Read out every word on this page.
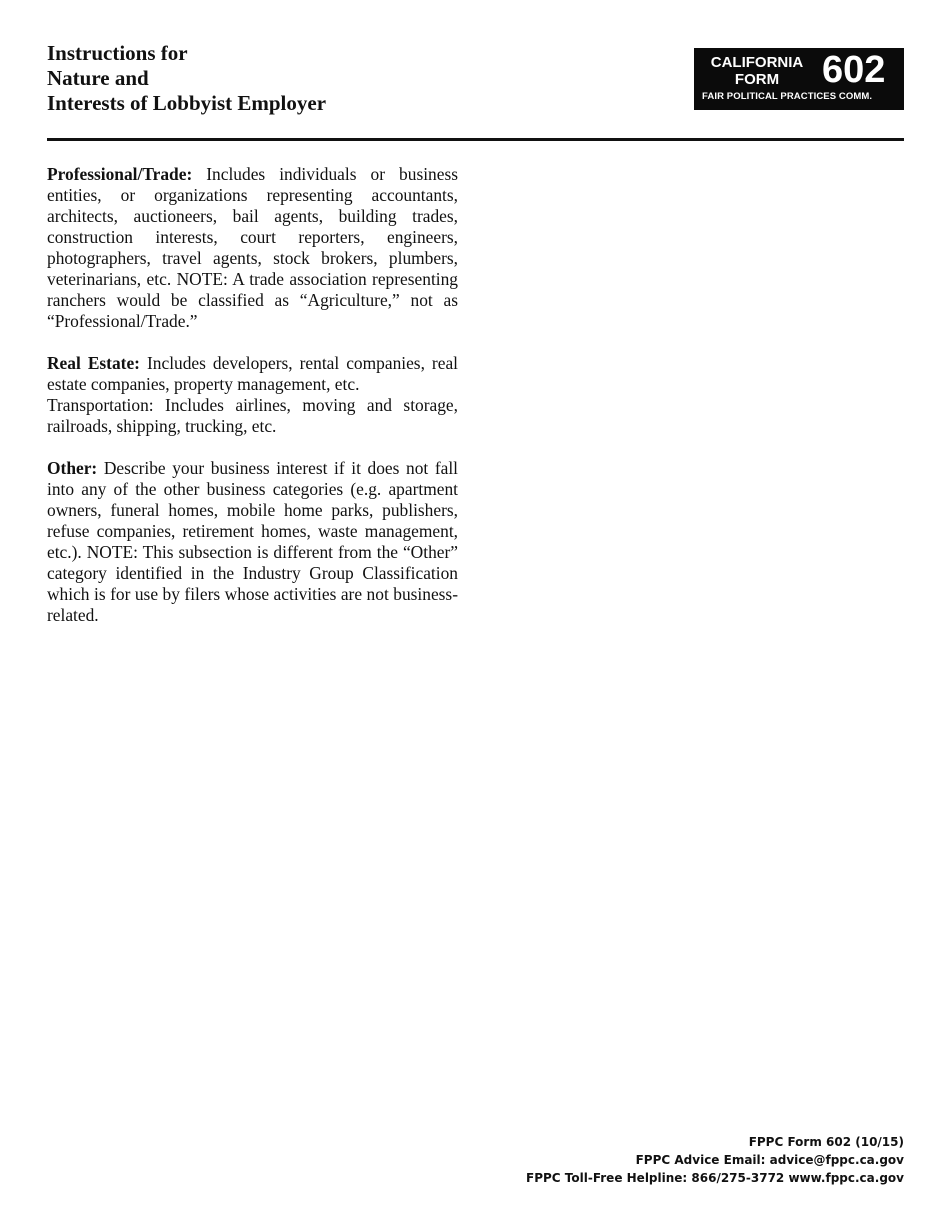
Instructions for
Nature and
Interests of Lobbyist Employer
CALIFORNIA
FORM	602
FAIR POLITICAL PRACTICES COMM.

Professional/Trade: Includes individuals or business entities, or organizations representing accountants, architects, auctioneers, bail agents, building trades, construction interests, court reporters, engineers, photographers, travel agents, stock brokers, plumbers, veterinarians, etc. NOTE: A trade association representing ranchers would be classified as “Agriculture,” not as “Professional/Trade.”

Real Estate: Includes developers, rental companies, real estate companies, property management, etc.

Transportation: Includes airlines, moving and storage, railroads, shipping, trucking, etc.

Other: Describe your business interest if it does not fall into any of the other business categories (e.g. apartment owners, funeral homes, mobile home parks, publishers, refuse companies, retirement homes, waste management, etc.). NOTE: This subsection is different from the “Other” category identified in the Industry Group Classification which is for use by filers whose activities are not business-related.

FPPC Form 602 (10/15)
FPPC Advice Email: advice@fppc.ca.gov
FPPC Toll-Free Helpline: 866/275-3772 www.fppc.ca.gov
